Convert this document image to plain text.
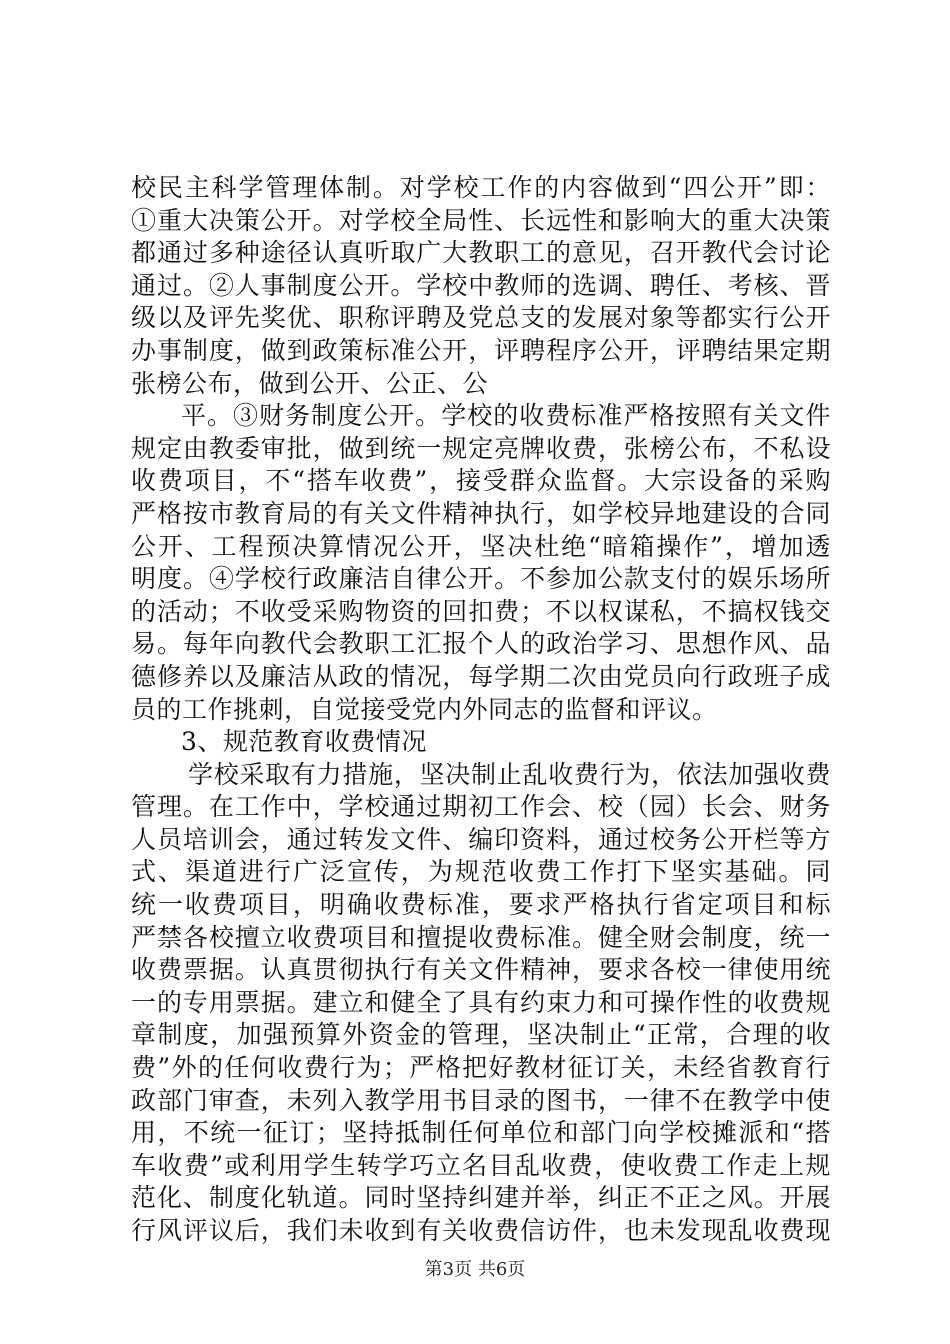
校民主科学管理体制。对学校工作的内容做到“四公开”即：
①重大决策公开。对学校全局性、长远性和影响大的重大决策
都通过多种途径认真听取广大教职工的意见，召开教代会讨论
通过。②人事制度公开。学校中教师的选调、聘任、考核、晋
级以及评先奖优、职称评聘及党总支的发展对象等都实行公开
办事制度，做到政策标准公开，评聘程序公开，评聘结果定期
张榜公布，做到公开、公正、公
平。③财务制度公开。学校的收费标准严格按照有关文件
规定由教委审批，做到统一规定亮牌收费，张榜公布，不私设
收费项目，不“搭车收费”，接受群众监督。大宗设备的采购
严格按市教育局的有关文件精神执行，如学校异地建设的合同
公开、工程预决算情况公开，坚决杜绝“暗箱操作”，增加透
明度。④学校行政廉洁自律公开。不参加公款支付的娱乐场所
的活动；不收受采购物资的回扣费；不以权谋私，不搞权钱交
易。每年向教代会教职工汇报个人的政治学习、思想作风、品
德修养以及廉洁从政的情况，每学期二次由党员向行政班子成
员的工作挑刺，自觉接受党内外同志的监督和评议。
3、规范教育收费情况
学校采取有力措施，坚决制止乱收费行为，依法加强收费
管理。在工作中，学校通过期初工作会、校（园）长会、财务
人员培训会，通过转发文件、编印资料，通过校务公开栏等方
式、渠道进行广泛宣传，为规范收费工作打下坚实基础。同
统一收费项目，明确收费标准，要求严格执行省定项目和标
严禁各校擅立收费项目和擅提收费标准。健全财会制度，统一
收费票据。认真贯彻执行有关文件精神，要求各校一律使用统
一的专用票据。建立和健全了具有约束力和可操作性的收费规
章制度，加强预算外资金的管理，坚决制止“正常，合理的收
费”外的任何收费行为；严格把好教材征订关，未经省教育行
政部门审查，未列入教学用书目录的图书，一律不在教学中使
用，不统一征订；坚持抵制任何单位和部门向学校摊派和“搭
车收费”或利用学生转学巧立名目乱收费，使收费工作走上规
范化、制度化轨道。同时坚持纠建并举，纠正不正之风。开展
行风评议后，我们未收到有关收费信访件，也未发现乱收费现
第3页 共6页
